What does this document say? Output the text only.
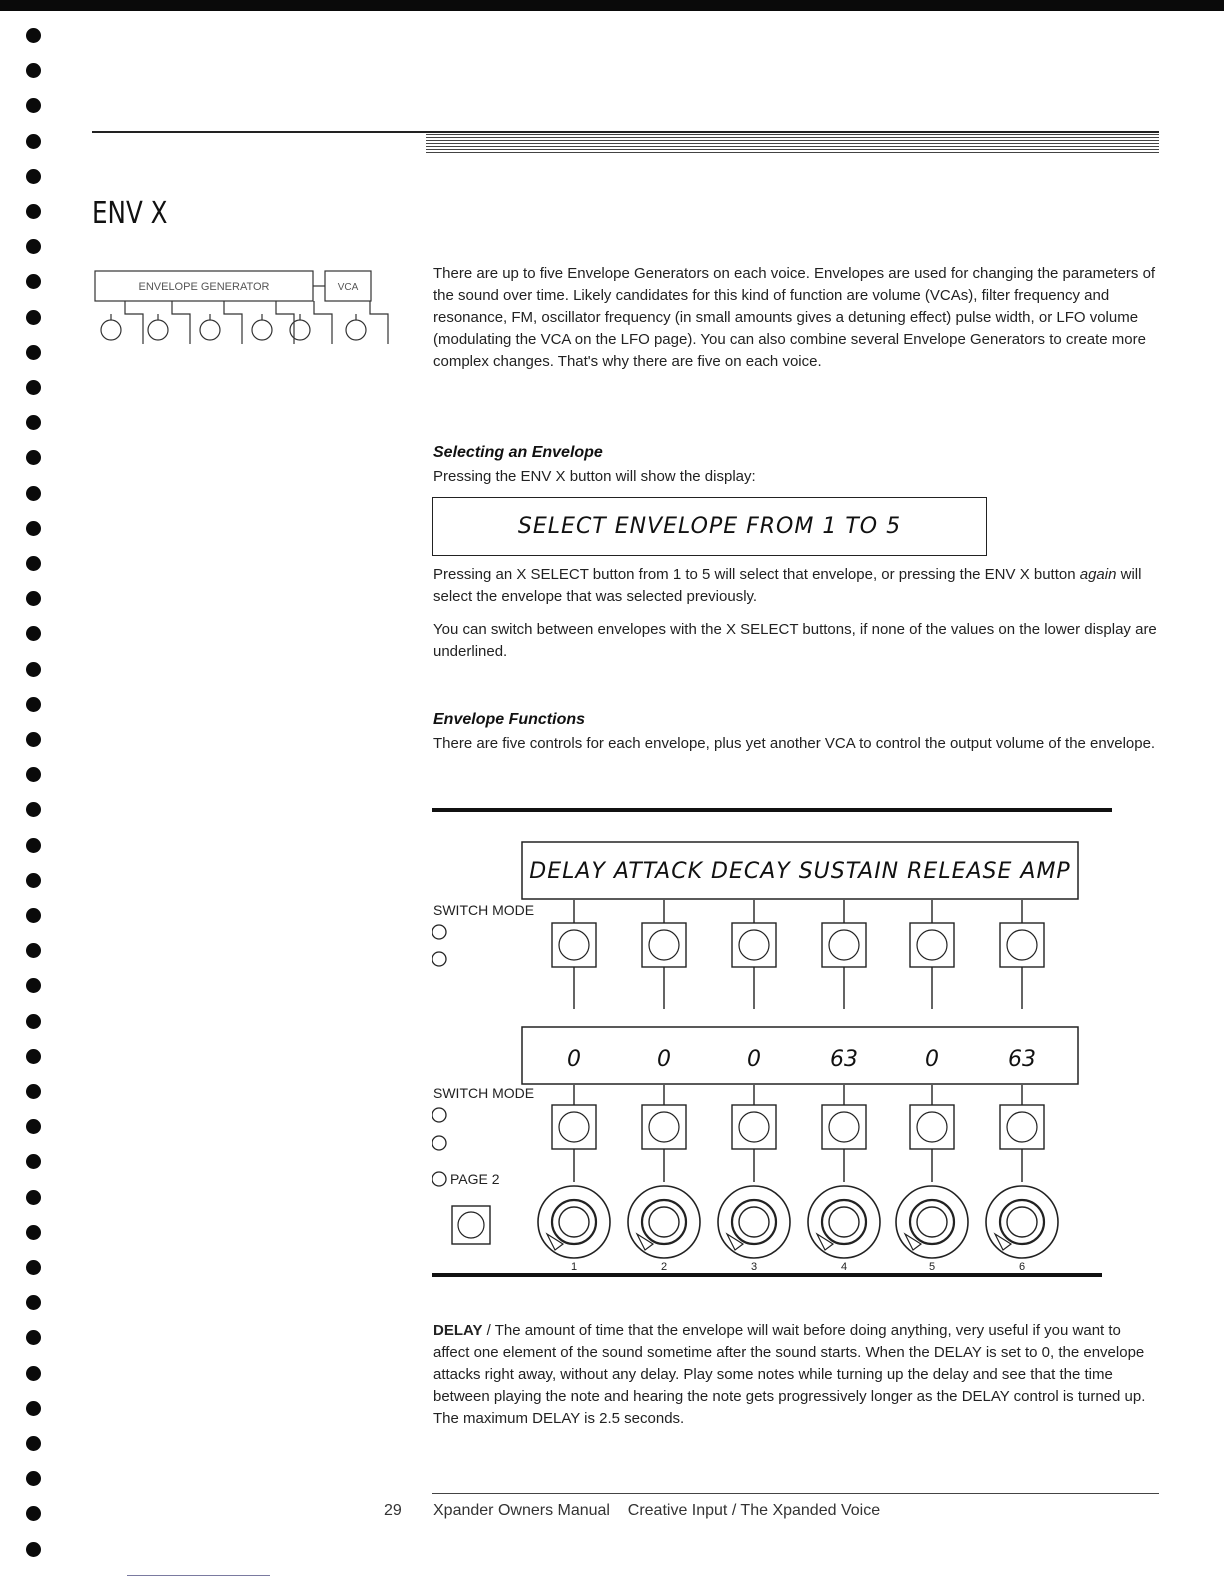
ENV X
ENVELOPE GENERATOR	VCA
There are up to five Envelope Generators on each voice. Envelopes are used for changing the parameters of the sound over time. Likely candidates for this kind of function are volume (VCAs), filter frequency and resonance, FM, oscillator frequency (in small amounts gives a detuning effect) pulse width, or LFO volume (modulating the VCA on the LFO page). You can also combine several Envelope Generators to create more complex changes. That's why there are five on each voice.
Selecting an Envelope
Pressing the ENV X button will show the display:
SELECT ENVELOPE FROM 1 TO 5
Pressing an X SELECT button from 1 to 5 will select that envelope, or pressing the ENV X button again will select the envelope that was selected previously.
You can switch between envelopes with the X SELECT buttons, if none of the values on the lower display are underlined.
Envelope Functions
There are five controls for each envelope, plus yet another VCA to control the output volume of the envelope.
DELAY ATTACK DECAY SUSTAIN RELEASE AMP
SWITCH MODE
SWITCH MODE
PAGE 2
0
1
0
2
0
3
63
4
0
5
63
6
DELAY / The amount of time that the envelope will wait before doing anything, very useful if you want to affect one element of the sound sometime after the sound starts. When the DELAY is set to 0, the envelope attacks right away, without any delay. Play some notes while turning up the delay and see that the time between playing the note and hearing the note gets progressively longer as the DELAY control is turned up. The maximum DELAY is 2.5 seconds.
29 Xpander Owners Manual    Creative Input / The Xpanded Voice
